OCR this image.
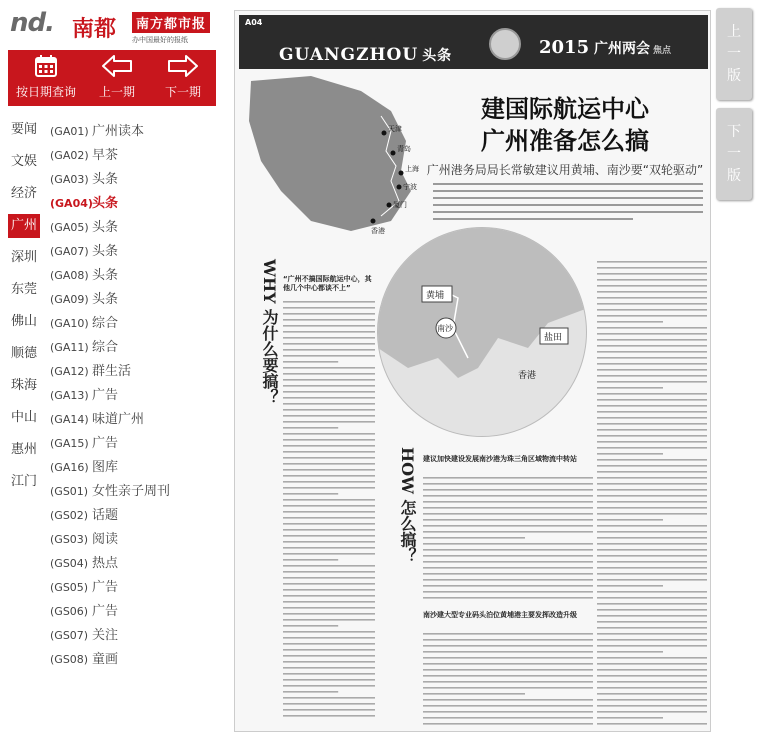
nd. 南都	南方都市报
办中国最好的报纸
按日期查询 上一期	下一期
要闻
文娱
经济
广州
深圳
东莞
佛山
顺德
珠海
中山
惠州
江门
(GA01) 广州读本
(GA02) 早茶
(GA03) 头条
(GA04)头条
(GA05) 头条
(GA07) 头条
(GA08) 头条
(GA09) 头条
(GA10) 综合
(GA11) 综合
(GA12) 群生活
(GA13) 广告
(GA14) 味道广州
(GA15) 广告
(GA16) 图库
(GS01) 女性亲子周刊
(GS02) 话题
(GS03) 阅读
(GS04) 热点
(GS05) 广告
(GS06) 广告
(GS07) 关注
(GS08) 童画
A04
GUANGZHOU 头条	2015 广州两会 焦点
天津
青岛
上海
宁波
厦门
香港
建国际航运中心
广州准备怎么搞
广州港务局局长常敏建议用黄埔、南沙要“双轮驱动”
黄埔
南沙
盐田
香港
WHY 为什么要搞？ “广州不搞国际航运中心，其他几个中心都谈不上”
HOW 怎么搞？ 建议加快建设发展南沙港为珠三角区域物流中转站
南沙建大型专业码头泊位黄埔港主要发挥改造升级
上
一
版
下
一
版
